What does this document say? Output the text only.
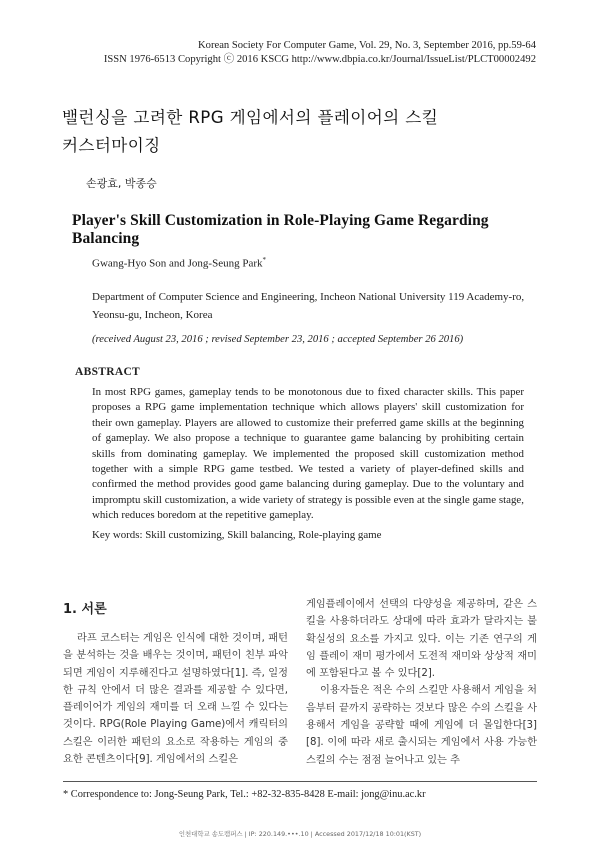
Korean Society For Computer Game, Vol. 29, No. 3, September 2016, pp.59-64
ISSN 1976-6513 Copyright ⓒ 2016 KSCG http://www.dbpia.co.kr/Journal/IssueList/PLCT00002492
밸런싱을 고려한 RPG 게임에서의 플레이어의 스킬
커스터마이징
손광효, 박종승
Player's Skill Customization in Role-Playing Game Regarding Balancing
Gwang-Hyo Son and Jong-Seung Park*
Department of Computer Science and Engineering, Incheon National University 119 Academy-ro,
Yeonsu-gu, Incheon, Korea
(received August 23, 2016 ; revised September 23, 2016 ; accepted September 26 2016)
ABSTRACT
In most RPG games, gameplay tends to be monotonous due to fixed character skills. This paper proposes a RPG game implementation technique which allows players' skill customization for their own gameplay. Players are allowed to customize their preferred game skills at the beginning of gameplay. We also propose a technique to guarantee game balancing by prohibiting certain skills from dominating gameplay. We implemented the proposed skill customization method together with a simple RPG game testbed. We tested a variety of player-defined skills and confirmed the method provides good game balancing during gameplay. Due to the voluntary and impromptu skill customization, a wide variety of strategy is possible even at the single game stage, which reduces boredom at the repetitive gameplay.
Key words: Skill customizing, Skill balancing, Role-playing game
1. 서론

라프 코스터는 게임은 인식에 대한 것이며, 패턴을 분석하는 것을 배우는 것이며, 패턴이 친부 파악되면 게임이 지루해진다고 설명하였다[1]. 즉, 일정한 규칙 안에서 더 많은 결과를 제공할 수 있다면, 플레이어가 게임의 재미를 더 오래 느낄 수 있다는 것이다. RPG(Role Playing Game)에서 캐릭터의 스킬은 이러한 패턴의 요소로 작용하는 게임의 중요한 콘텐츠이다[9]. 게임에서의 스킬은

게임플레이에서 선택의 다양성을 제공하며, 같은 스킬을 사용하더라도 상대에 따라 효과가 달라지는 불확실성의 요소를 가지고 있다. 이는 기존 연구의 게임 플레이 재미 평가에서 도전적 재미와 상상적 재미에 포함된다고 볼 수 있다[2].

이용자들은 적은 수의 스킬만 사용해서 게임을 처음부터 끝까지 공략하는 것보다 많은 수의 스킬을 사용해서 게임을 공략할 때에 게임에 더 몰입한다[3][8]. 이에 따라 새로 출시되는 게임에서 사용 가능한 스킬의 수는 점점 늘어나고 있는 추

* Correspondence to: Jong-Seung Park, Tel.: +82-32-835-8428 E-mail: jong@inu.ac.kr
인천대학교 송도캠퍼스 | IP: 220.149.•••.10 | Accessed 2017/12/18 10:01(KST)
